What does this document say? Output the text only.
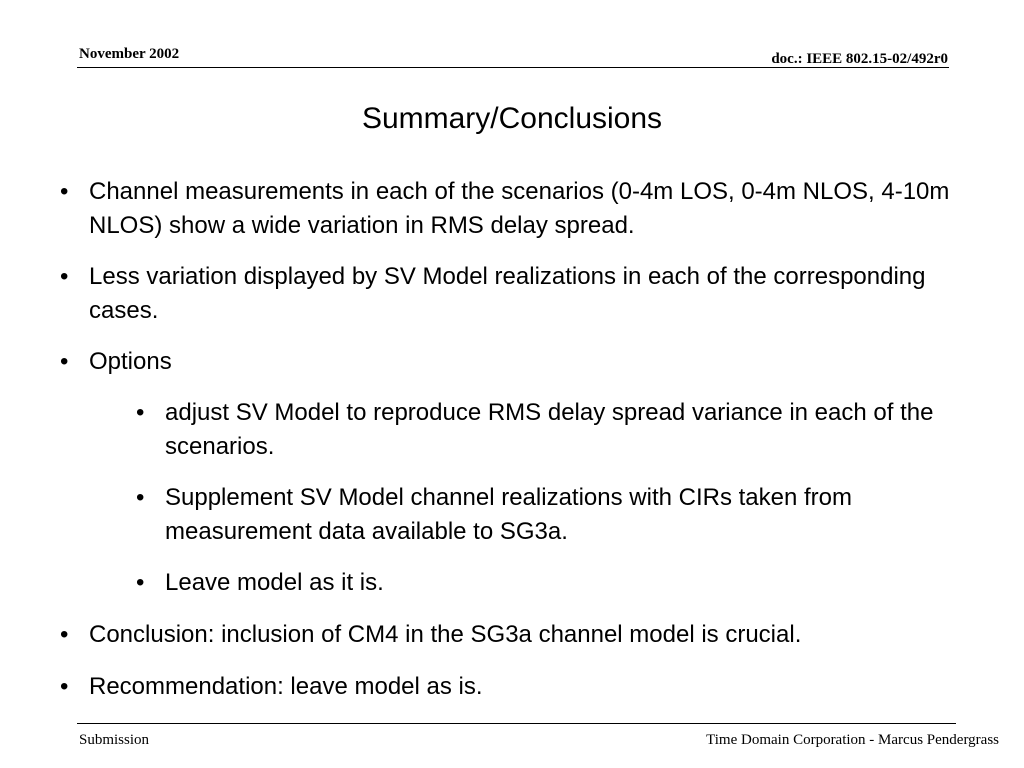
November 2002	doc.: IEEE 802.15-02/492r0
Summary/Conclusions
• Channel measurements in each of the scenarios (0-4m LOS, 0-4m NLOS, 4-10m NLOS) show a wide variation in RMS delay spread.
• Less variation displayed by SV Model realizations in each of the corresponding cases.
• Options
• adjust SV Model to reproduce RMS delay spread variance in each of the scenarios.
• Supplement SV Model channel realizations with CIRs taken from measurement data available to SG3a.
• Leave model as it is.
• Conclusion: inclusion of CM4 in the SG3a channel model is crucial.
• Recommendation: leave model as is.
Submission	Time Domain Corporation - Marcus Pendergrass
